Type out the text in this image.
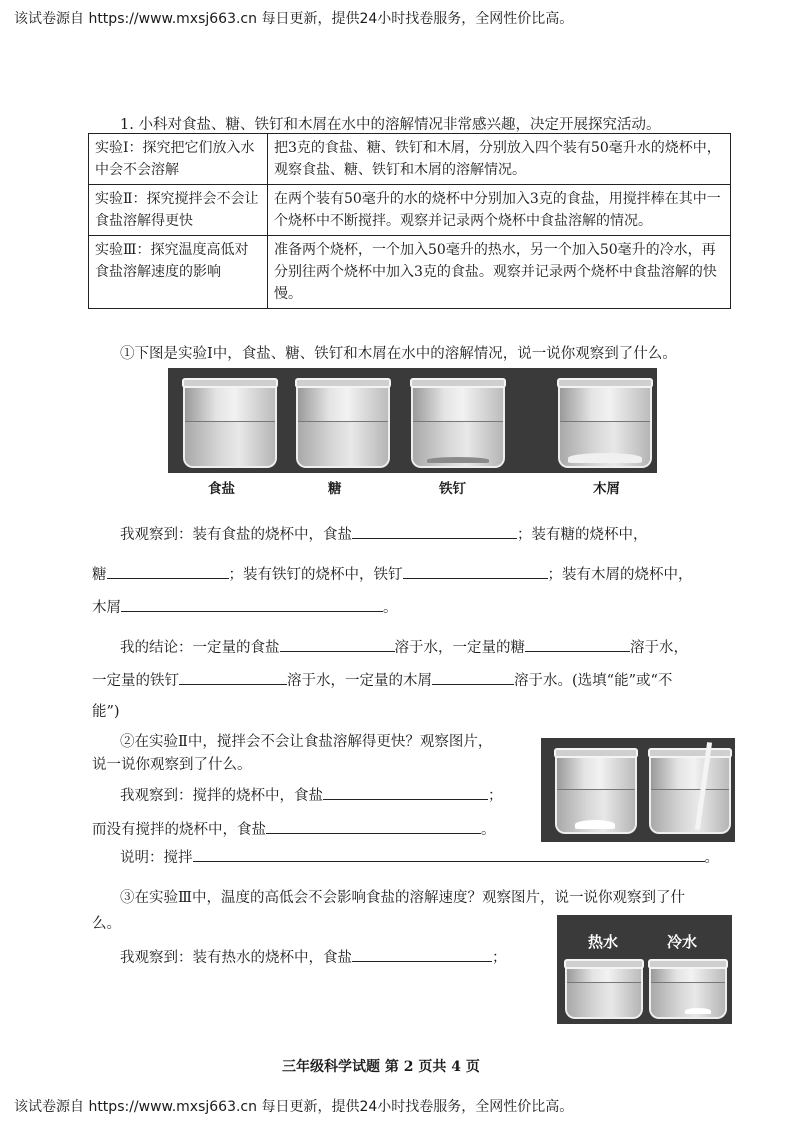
该试卷源自 https://www.mxsj663.cn 每日更新，提供24小时找卷服务，全网性价比高。
1. 小科对食盐、糖、铁钉和木屑在水中的溶解情况非常感兴趣，决定开展探究活动。
实验Ⅰ：探究把它们放入水中会不会溶解	把3克的食盐、糖、铁钉和木屑，分别放入四个装有50毫升水的烧杯中，观察食盐、糖、铁钉和木屑的溶解情况。
实验Ⅱ：探究搅拌会不会让食盐溶解得更快	在两个装有50毫升的水的烧杯中分别加入3克的食盐，用搅拌棒在其中一个烧杯中不断搅拌。观察并记录两个烧杯中食盐溶解的情况。
实验Ⅲ：探究温度高低对食盐溶解速度的影响	准备两个烧杯，一个加入50毫升的热水，另一个加入50毫升的冷水，再分别往两个烧杯中加入3克的食盐。观察并记录两个烧杯中食盐溶解的快慢。
①下图是实验Ⅰ中，食盐、糖、铁钉和木屑在水中的溶解情况，说一说你观察到了什么。
食盐	糖	铁钉	木屑
我观察到：装有食盐的烧杯中，食盐	；装有糖的烧杯中，
糖	；装有铁钉的烧杯中，铁钉	；装有木屑的烧杯中，
木屑	。
我的结论：一定量的食盐	溶于水，一定量的糖	溶于水，
一定量的铁钉	溶于水，一定量的木屑	溶于水。(选填“能”或“不
能”)
②在实验Ⅱ中，搅拌会不会让食盐溶解得更快？观察图片，
说一说你观察到了什么。
我观察到：搅拌的烧杯中，食盐	；
而没有搅拌的烧杯中，食盐	。
说明：搅拌	。
③在实验Ⅲ中，温度的高低会不会影响食盐的溶解速度？观察图片，说一说你观察到了什
么。
热水	冷水
我观察到：装有热水的烧杯中，食盐	；
三年级科学试题 第 2 页共 4 页
该试卷源自 https://www.mxsj663.cn 每日更新，提供24小时找卷服务，全网性价比高。
